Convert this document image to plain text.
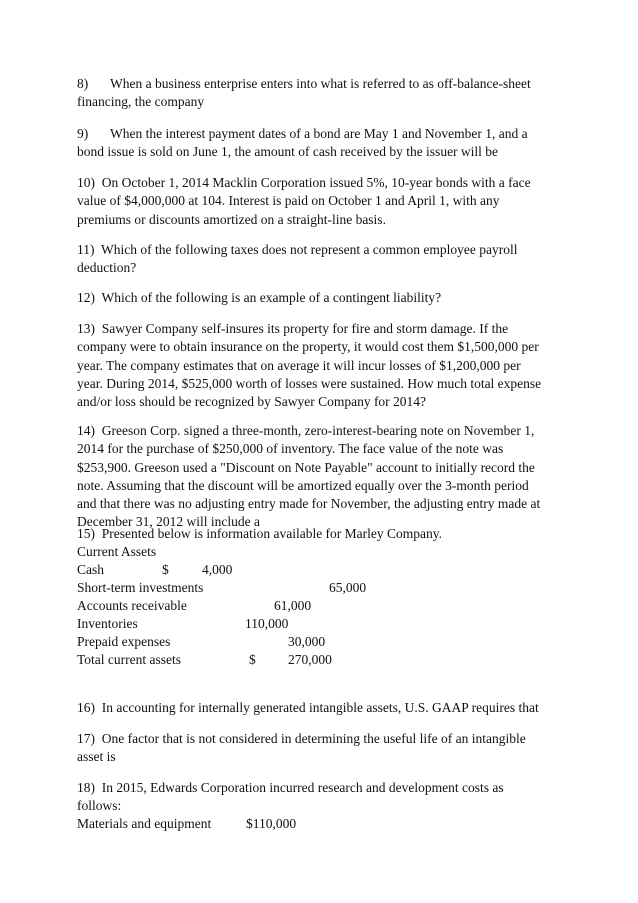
8) When a business enterprise enters into what is referred to as off-balance-sheet
financing, the company
9) When the interest payment dates of a bond are May 1 and November 1, and a
bond issue is sold on June 1, the amount of cash received by the issuer will be
10) On October 1, 2014 Macklin Corporation issued 5%, 10-year bonds with a face
value of $4,000,000 at 104. Interest is paid on October 1 and April 1, with any
premiums or discounts amortized on a straight-line basis.
11) Which of the following taxes does not represent a common employee payroll
deduction?
12) Which of the following is an example of a contingent liability?
13) Sawyer Company self-insures its property for fire and storm damage. If the
company were to obtain insurance on the property, it would cost them $1,500,000 per
year. The company estimates that on average it will incur losses of $1,200,000 per
year. During 2014, $525,000 worth of losses were sustained. How much total expense
and/or loss should be recognized by Sawyer Company for 2014?
14) Greeson Corp. signed a three-month, zero-interest-bearing note on November 1,
2014 for the purchase of $250,000 of inventory. The face value of the note was
$253,900. Greeson used a "Discount on Note Payable" account to initially record the
note. Assuming that the discount will be amortized equally over the 3-month period
and that there was no adjusting entry made for November, the adjusting entry made at
December 31, 2012 will include a
15) Presented below is information available for Marley Company.
Current Assets
Cash	$ 4,000
Short-term investments	65,000
Accounts receivable	61,000
Inventories	110,000
Prepaid expenses	30,000
Total current assets	$ 270,000
16) In accounting for internally generated intangible assets, U.S. GAAP requires that
17) One factor that is not considered in determining the useful life of an intangible
asset is
18) In 2015, Edwards Corporation incurred research and development costs as
follows:
Materials and equipment	$110,000
